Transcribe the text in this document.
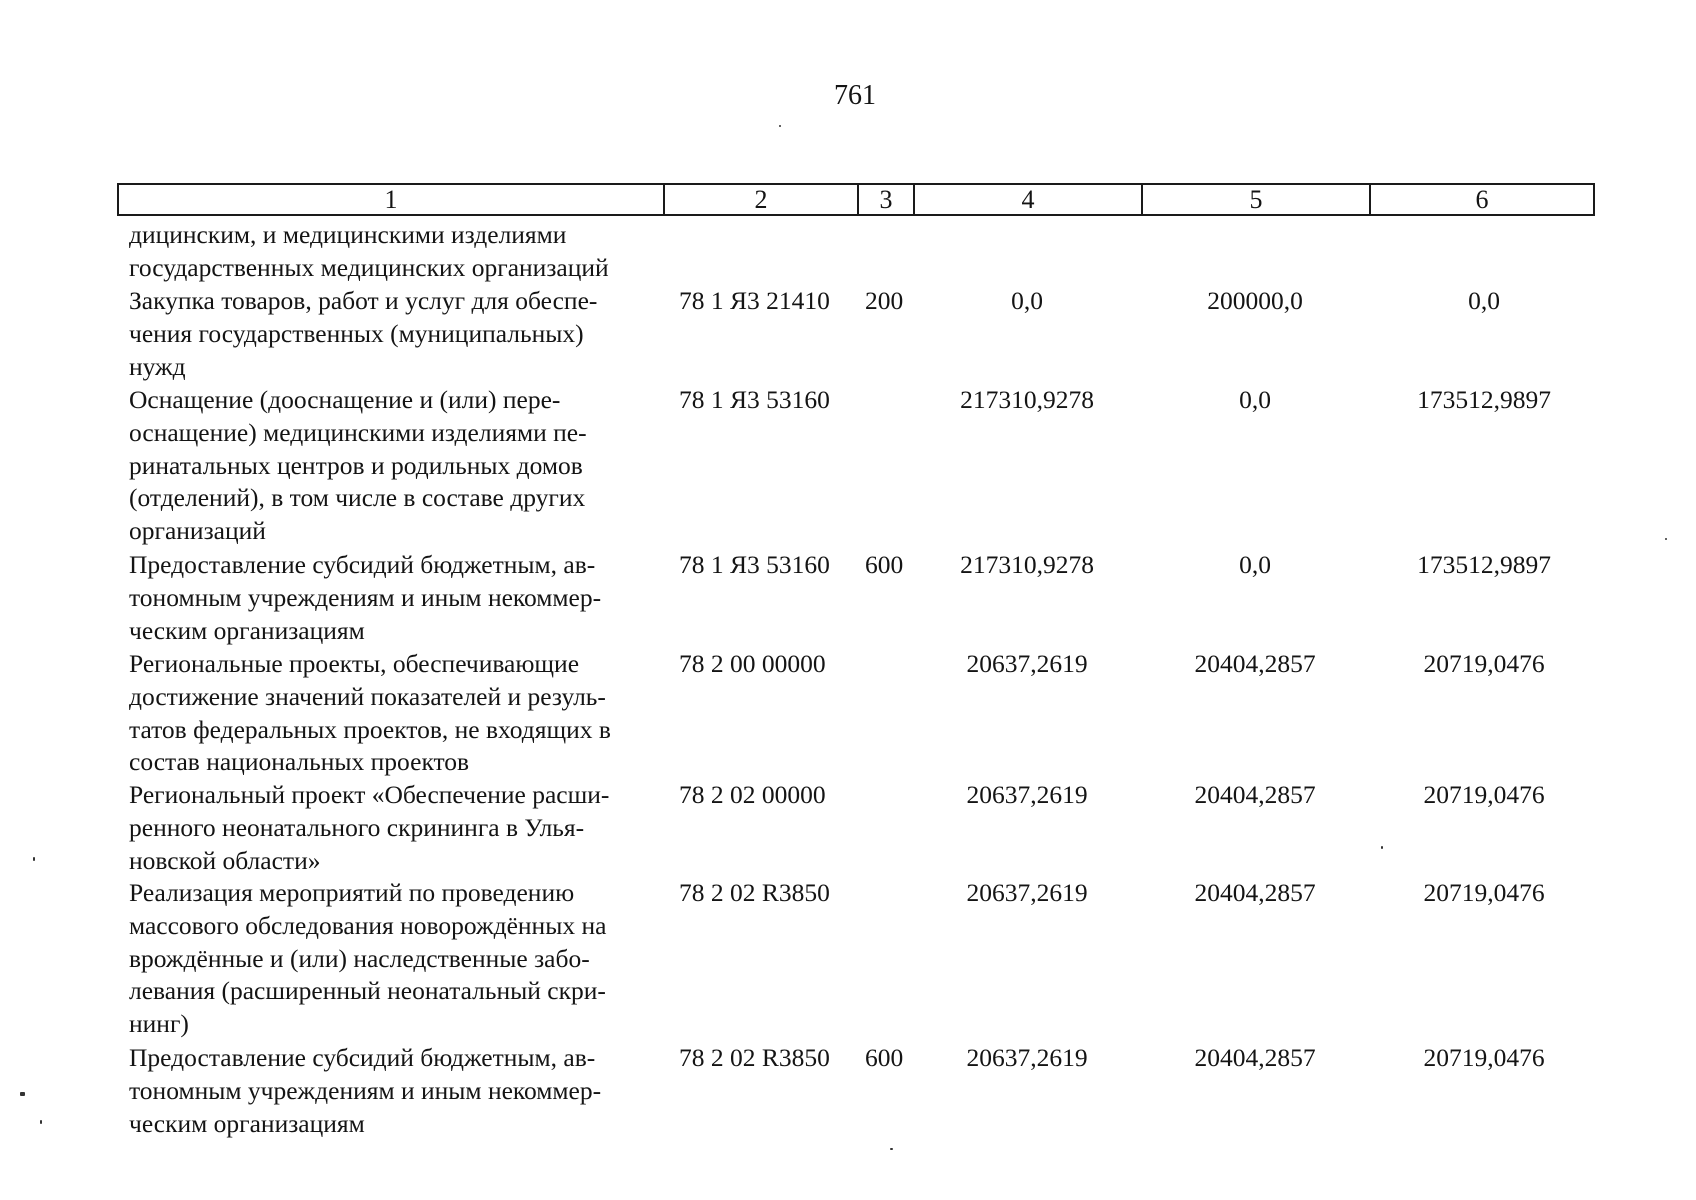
761
1	2	3	4	5	6
дицинским, и медицинскими изделиями
государственных медицинских организаций
Закупка товаров, работ и услуг для обеспе-
чения государственных (муниципальных)
нужд
78 1 Я3 21410 200	0,0	200000,0	0,0
Оснащение (дооснащение и (или) пере-
оснащение) медицинскими изделиями пе-
ринатальных центров и родильных домов
(отделений), в том числе в составе других
организаций
78 1 Я3 53160	217310,9278	0,0	173512,9897
Предоставление субсидий бюджетным, ав-
тономным учреждениям и иным некоммер-
ческим организациям
78 1 Я3 53160 600	217310,9278	0,0	173512,9897
Региональные проекты, обеспечивающие
достижение значений показателей и резуль-
татов федеральных проектов, не входящих в
состав национальных проектов
78 2 00 00000	20637,2619	20404,2857	20719,0476
Региональный проект «Обеспечение расши-
ренного неонатального скрининга в Улья-
новской области»
78 2 02 00000	20637,2619	20404,2857	20719,0476
Реализация мероприятий по проведению
массового обследования новорождённых на
врождённые и (или) наследственные забо-
левания (расширенный неонатальный скри-
нинг)
78 2 02 R3850	20637,2619	20404,2857	20719,0476
Предоставление субсидий бюджетным, ав-
тономным учреждениям и иным некоммер-
ческим организациям
78 2 02 R3850 600	20637,2619	20404,2857	20719,0476
